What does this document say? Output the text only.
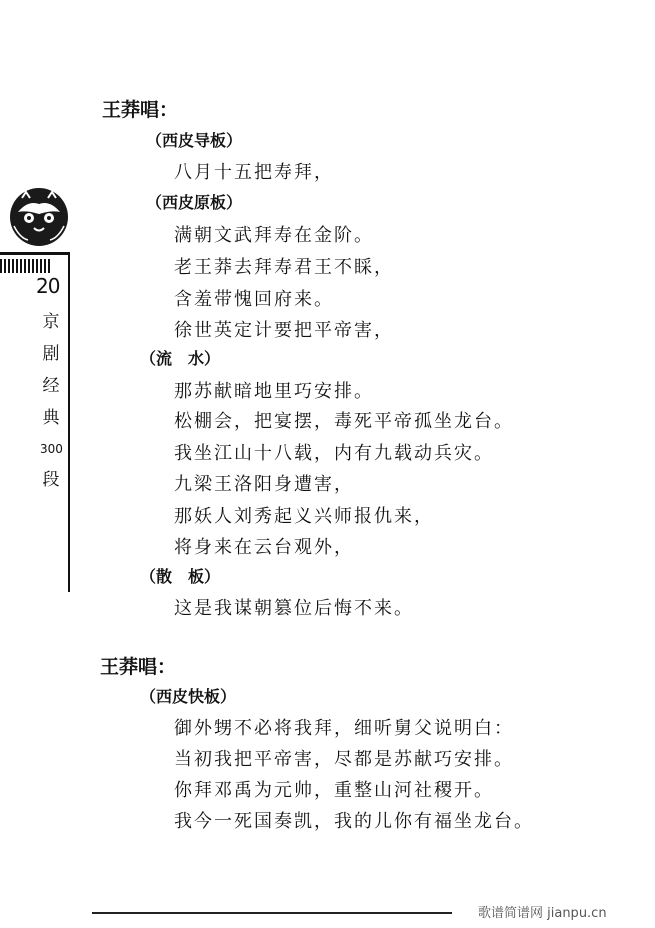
20
京
剧
经
典
300
段
王莽唱：
（西皮导板）
八月十五把寿拜，
（西皮原板）
满朝文武拜寿在金阶。
老王莽去拜寿君王不睬，
含羞带愧回府来。
徐世英定计要把平帝害，
（流　水）
那苏献暗地里巧安排。
松棚会，把宴摆，毒死平帝孤坐龙台。
我坐江山十八载，内有九载动兵灾。
九梁王洛阳身遭害，
那妖人刘秀起义兴师报仇来，
将身来在云台观外，
（散　板）
这是我谋朝篡位后悔不来。
王莽唱：
（西皮快板）
御外甥不必将我拜，细听舅父说明白：
当初我把平帝害，尽都是苏献巧安排。
你拜邓禹为元帅，重整山河社稷开。
我今一死国奏凯，我的儿你有福坐龙台。
歌谱简谱网 jianpu.cn
